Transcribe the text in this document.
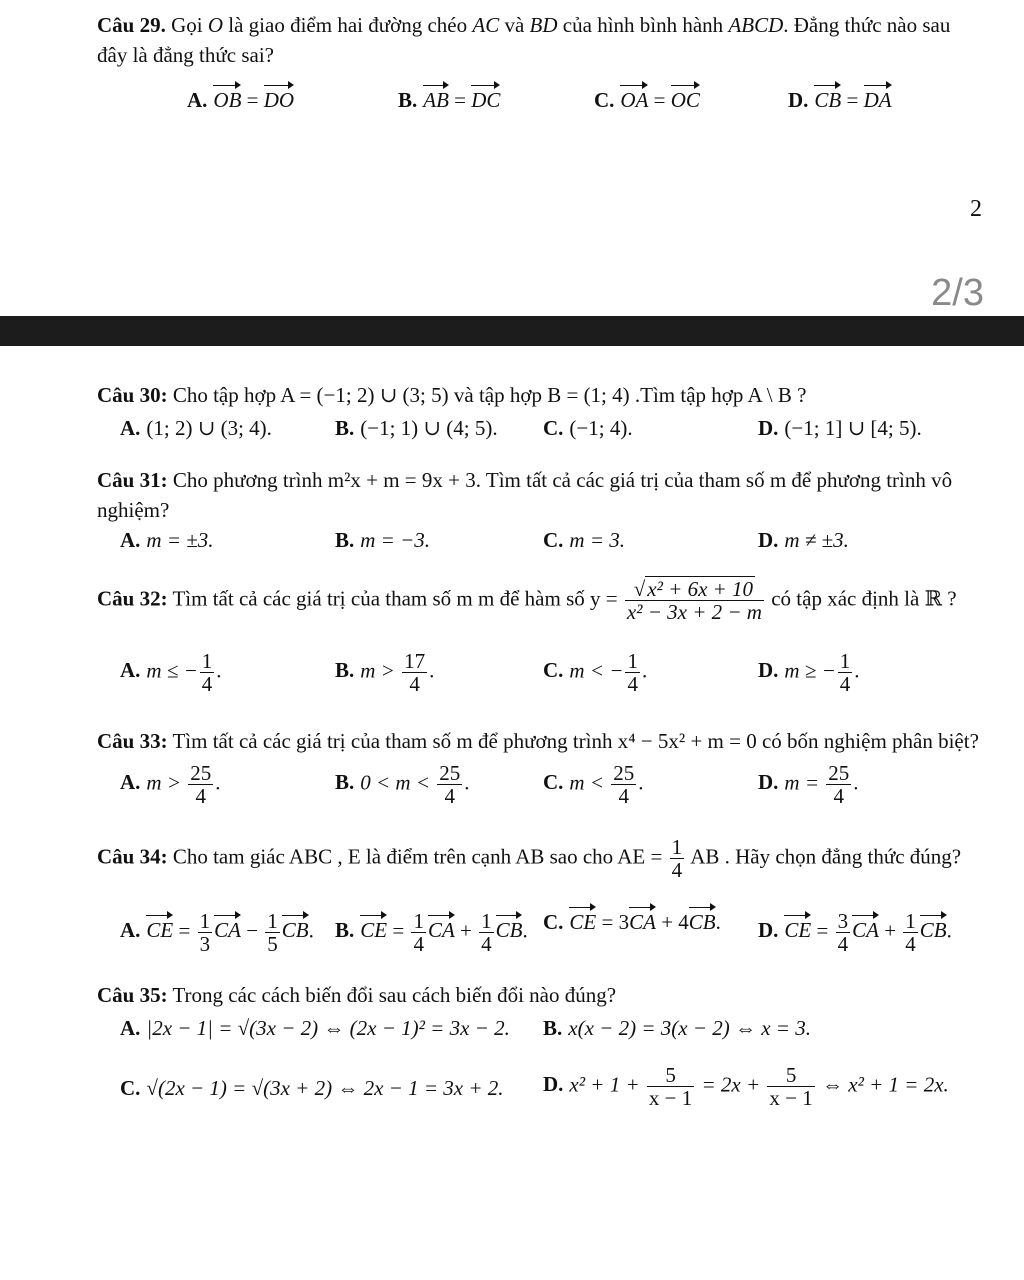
Câu 29. Gọi O là giao điểm hai đường chéo AC và BD của hình bình hành ABCD. Đẳng thức nào sau đây là đẳng thức sai?
A. OB = DO	B. AB = DC	C. OA = OC	D. CB = DA
2
2/3
Câu 30: Cho tập hợp A = (−1; 2) ∪ (3; 5) và tập hợp B = (1; 4) .Tìm tập hợp A \ B ?
A. (1; 2) ∪ (3; 4).	B. (−1; 1) ∪ (4; 5). C. (−1; 4).	D. (−1; 1] ∪ [4; 5).
Câu 31: Cho phương trình m²x + m = 9x + 3. Tìm tất cả các giá trị của tham số m để phương trình vô nghiệm?
A. m = ±3.	B. m = −3.	C. m = 3.	D. m ≠ ±3.
Câu 32: Tìm tất cả các giá trị của tham số m m để hàm số $y = \frac{\text{√x² + 6x + 10}}{\text{x² − 3x + 2 − m}}$ có tập xác định là ℝ ?
A. m ≤ − $\frac{1}{4}$ .	B. $m > \frac{17}{4}$ .	C. m < − $\frac{1}{4}$ .	D. m ≥ − $\frac{1}{4}$ .
Câu 33: Tìm tất cả các giá trị của tham số m để phương trình x⁴ − 5x² + m = 0 có bốn nghiệm phân biệt?
A. $m > \frac{25}{4}$ .	B. $0 < m < \frac{25}{4}$ .	C. $m < \frac{25}{4}$ .	D. $m = \frac{25}{4}$ .
Câu 34: Cho tam giác ABC , E là điểm trên cạnh AB sao cho AE = $\frac{1}{4}$ AB . Hãy chọn đẳng thức đúng?
A. CE = $\frac{1}{3}$ CA − $\frac{1}{5}$ CB. B. CE = $\frac{1}{4}$ CA + $\frac{1}{4}$ CB. C. CE = 3CA + 4CB. D. CE = $\frac{3}{4}$ CA + $\frac{1}{4}$ CB.
Câu 35: Trong các cách biến đổi sau cách biến đổi nào đúng?
A. |2x − 1| = √(3x − 2) ⇔ (2x − 1)² = 3x − 2. B. x(x − 2) = 3(x − 2) ⇔ x = 3.
C. √(2x − 1) = √(3x + 2) ⇔ 2x − 1 = 3x + 2. D. $x^2 + 1 + \frac{5}{x - 1} = 2x + \frac{5}{x - 1}$ ⇔ x² + 1 = 2x.
